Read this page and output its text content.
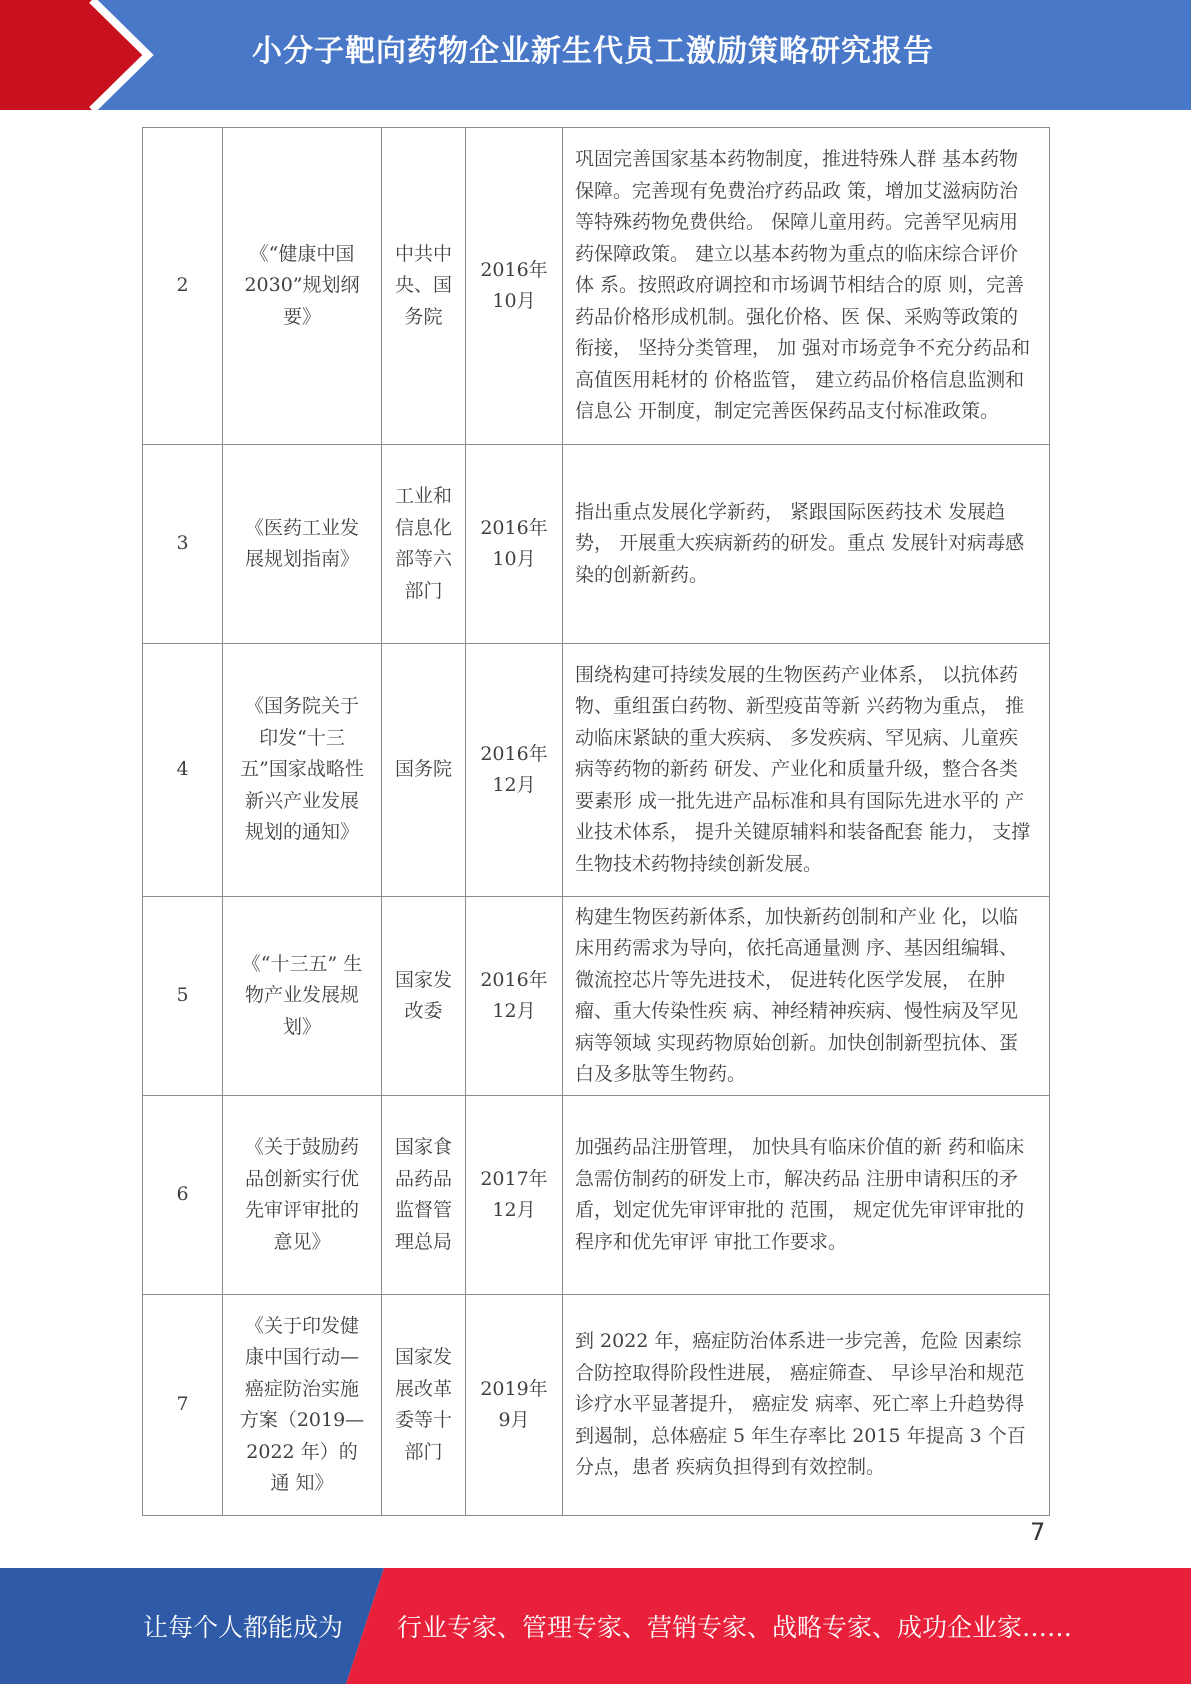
小分子靶向药物企业新生代员工激励策略研究报告
2	《“健康中国2030”规划纲要》	中共中央、国务院	2016年10月	巩固完善国家基本药物制度，推进特殊人群 基本药物保障。完善现有免费治疗药品政 策，增加艾滋病防治等特殊药物免费供给。 保障儿童用药。完善罕见病用药保障政策。 建立以基本药物为重点的临床综合评价体 系。按照政府调控和市场调节相结合的原 则，完善药品价格形成机制。强化价格、医 保、采购等政策的衔接， 坚持分类管理， 加 强对市场竞争不充分药品和高值医用耗材的 价格监管， 建立药品价格信息监测和信息公 开制度，制定完善医保药品支付标准政策。
3	《医药工业发展规划指南》	工业和信息化部等六部门	2016年10月	指出重点发展化学新药， 紧跟国际医药技术 发展趋势， 开展重大疾病新药的研发。重点 发展针对病毒感染的创新新药。
4	《国务院关于印发“十三五”国家战略性新兴产业发展规划的通知》	国务院	2016年12月	围绕构建可持续发展的生物医药产业体系， 以抗体药物、重组蛋白药物、新型疫苗等新 兴药物为重点， 推动临床紧缺的重大疾病、 多发疾病、罕见病、儿童疾病等药物的新药 研发、产业化和质量升级，整合各类要素形 成一批先进产品标准和具有国际先进水平的 产业技术体系， 提升关键原辅料和装备配套 能力， 支撑生物技术药物持续创新发展。
5	《“十三五” 生物产业发展规划》	国家发改委	2016年12月	构建生物医药新体系，加快新药创制和产业 化，以临床用药需求为导向，依托高通量测 序、基因组编辑、微流控芯片等先进技术， 促进转化医学发展， 在肿瘤、重大传染性疾 病、神经精神疾病、慢性病及罕见病等领域 实现药物原始创新。加快创制新型抗体、蛋 白及多肽等生物药。
6	《关于鼓励药品创新实行优先审评审批的意见》	国家食品药品监督管理总局	2017年12月	加强药品注册管理， 加快具有临床价值的新 药和临床急需仿制药的研发上市，解决药品 注册申请积压的矛盾，划定优先审评审批的 范围， 规定优先审评审批的程序和优先审评 审批工作要求。
7	《关于印发健康中国行动—癌症防治实施方案（2019—2022 年）的通 知》	国家发 展改革委等十 部门	2019年 9月	到 2022 年，癌症防治体系进一步完善，危险 因素综合防控取得阶段性进展， 癌症筛查、 早诊早治和规范诊疗水平显著提升， 癌症发 病率、死亡率上升趋势得到遏制，总体癌症 5 年生存率比 2015 年提高 3 个百分点，患者 疾病负担得到有效控制。
7
让每个人都能成为 行业专家、管理专家、营销专家、战略专家、成功企业家……
